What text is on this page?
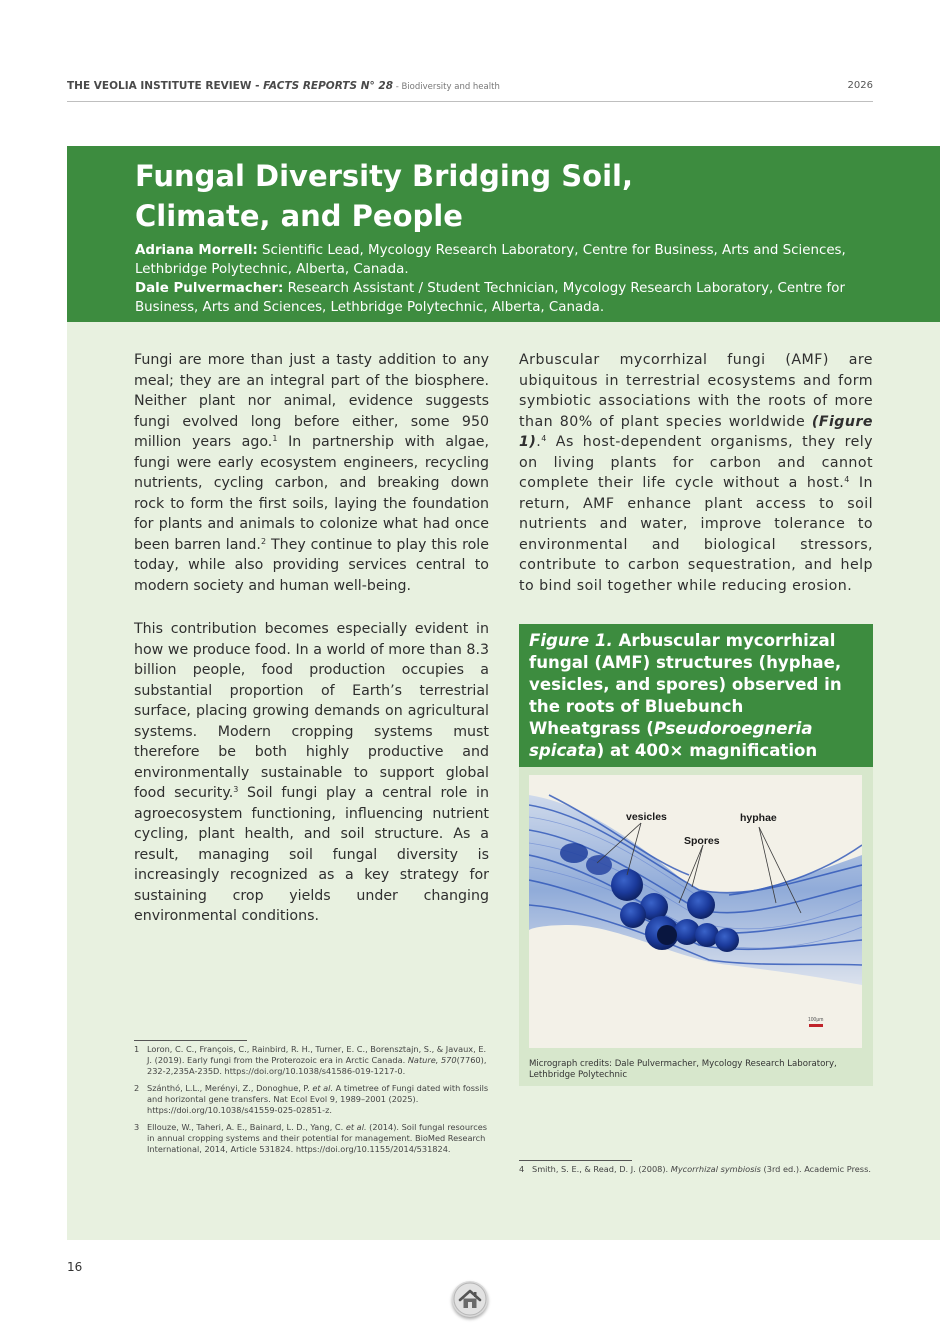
THE VEOLIA INSTITUTE REVIEW - FACTS REPORTS N° 28 - Biodiversity and health	2026
Fungal Diversity Bridging Soil,
Climate, and People
Adriana Morrell: Scientific Lead, Mycology Research Laboratory, Centre for Business, Arts and Sciences, Lethbridge Polytechnic, Alberta, Canada.
Dale Pulvermacher: Research Assistant / Student Technician, Mycology Research Laboratory, Centre for Business, Arts and Sciences, Lethbridge Polytechnic, Alberta, Canada.

Fungi are more than just a tasty addition to any meal; they are an integral part of the biosphere. Neither plant nor animal, evidence suggests fungi evolved long before either, some 950 million years ago.$^1$ In partnership with algae, fungi were early ecosystem engineers, recycling nutrients, cycling carbon, and breaking down rock to form the first soils, laying the foundation for plants and animals to colonize what had once been barren land.$^2$ They continue to play this role today, while also providing services central to modern society and human well-being.

This contribution becomes especially evident in how we produce food. In a world of more than 8.3 billion people, food production occupies a substantial proportion of Earth’s terrestrial surface, placing growing demands on agricultural systems. Modern cropping systems must therefore be both highly productive and environmentally sustainable to support global food security.$^3$ Soil fungi play a central role in agroecosystem functioning, influencing nutrient cycling, plant health, and soil structure. As a result, managing soil fungal diversity is increasingly recognized as a key strategy for sustaining crop yields under changing environmental conditions.

Arbuscular mycorrhizal fungi (AMF) are ubiquitous in terrestrial ecosystems and form symbiotic associations with the roots of more than 80% of plant species worldwide (Figure 1).$^4$ As host-dependent organisms, they rely on living plants for carbon and cannot complete their life cycle without a host.$^4$ In return, AMF enhance plant access to soil nutrients and water, improve tolerance to environmental and biological stressors, contribute to carbon sequestration, and help to bind soil together while reducing erosion.

Figure 1. Arbuscular mycorrhizal fungal (AMF) structures (hyphae, vesicles, and spores) observed in the roots of Bluebunch Wheatgrass (Pseudoroegneria spicata) at 400× magnification
vesicles	hyphae
Spores
100μm
Micrograph credits: Dale Pulvermacher, Mycology Research Laboratory, Lethbridge Polytechnic
1 Loron, C. C., François, C., Rainbird, R. H., Turner, E. C., Borensztajn, S., & Javaux, E. J. (2019). Early fungi from the Proterozoic era in Arctic Canada. Nature, 570(7760), 232-2,235A-235D. https://doi.org/10.1038/s41586-019-1217-0.
2 Szánthó, L.L., Merényi, Z., Donoghue, P. et al. A timetree of Fungi dated with fossils and horizontal gene transfers. Nat Ecol Evol 9, 1989–2001 (2025). https://doi.org/10.1038/s41559-025-02851-z.
3 Ellouze, W., Taheri, A. E., Bainard, L. D., Yang, C. et al. (2014). Soil fungal resources in annual cropping systems and their potential for management. BioMed Research International, 2014, Article 531824. https://doi.org/10.1155/2014/531824.
4 Smith, S. E., & Read, D. J. (2008). Mycorrhizal symbiosis (3rd ed.). Academic Press.
16
